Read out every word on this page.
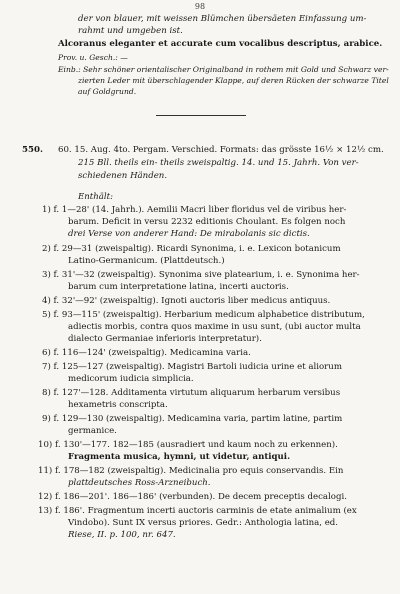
98
der von blauer, mit weissen Blümchen übersäeten Einfassung um-
rahmt und umgeben ist.
Alcoranus eleganter et accurate cum vocalibus descriptus, arabice.
Prov. u. Gesch.: —
Einb.: Sehr schöner orientalischer Originalband in rothem mit Gold und Schwarz ver-
zierten Leder mit überschlagender Klappe, auf deren Rücken der schwarze Titel
auf Goldgrund.
550. 60. 15. Aug. 4to. Pergam. Verschied. Formats: das grösste 16½ × 12½ cm.
215 Bll. theils ein- theils zweispaltig. 14. und 15. Jahrh. Von ver-
schiedenen Händen.
Enthält:
1) f. 1—28' (14. Jahrh.). Aemilii Macri liber floridus vel de viribus her-
barum. Deficit in versu 2232 editionis Choulant. Es folgen noch
drei Verse von anderer Hand: De mirabolanis sic dictis.
2) f. 29—31 (zweispaltig). Ricardi Synonima, i. e. Lexicon botanicum
Latino-Germanicum. (Plattdeutsch.)
3) f. 31'—32 (zweispaltig). Synonima sive platearium, i. e. Synonima her-
barum cum interpretatione latina, incerti auctoris.
4) f. 32'—92' (zweispaltig). Ignoti auctoris liber medicus antiquus.
5) f. 93—115' (zweispaltig). Herbarium medicum alphabetice distributum,
adiectis morbis, contra quos maxime in usu sunt, (ubi auctor multa
dialecto Germaniae inferioris interpretatur).
6) f. 116—124' (zweispaltig). Medicamina varia.
7) f. 125—127 (zweispaltig). Magistri Bartoli iudicia urine et aliorum
medicorum iudicia simplicia.
8) f. 127'—128. Additamenta virtutum aliquarum herbarum versibus
hexametris conscripta.
9) f. 129—130 (zweispaltig). Medicamina varia, partim latine, partim
germanice.
10) f. 130'—177. 182—185 (ausradiert und kaum noch zu erkennen).
Fragmenta musica, hymni, ut videtur, antiqui.
11) f. 178—182 (zweispaltig). Medicinalia pro equis conservandis. Ein
plattdeutsches Ross-Arzneibuch.
12) f. 186—201'. 186—186' (verbunden). De decem preceptis decalogi.
13) f. 186'. Fragmentum incerti auctoris carminis de etate animalium (ex
Vindobo). Sunt IX versus priores. Gedr.: Anthologia latina, ed.
Riese, II. p. 100, nr. 647.
